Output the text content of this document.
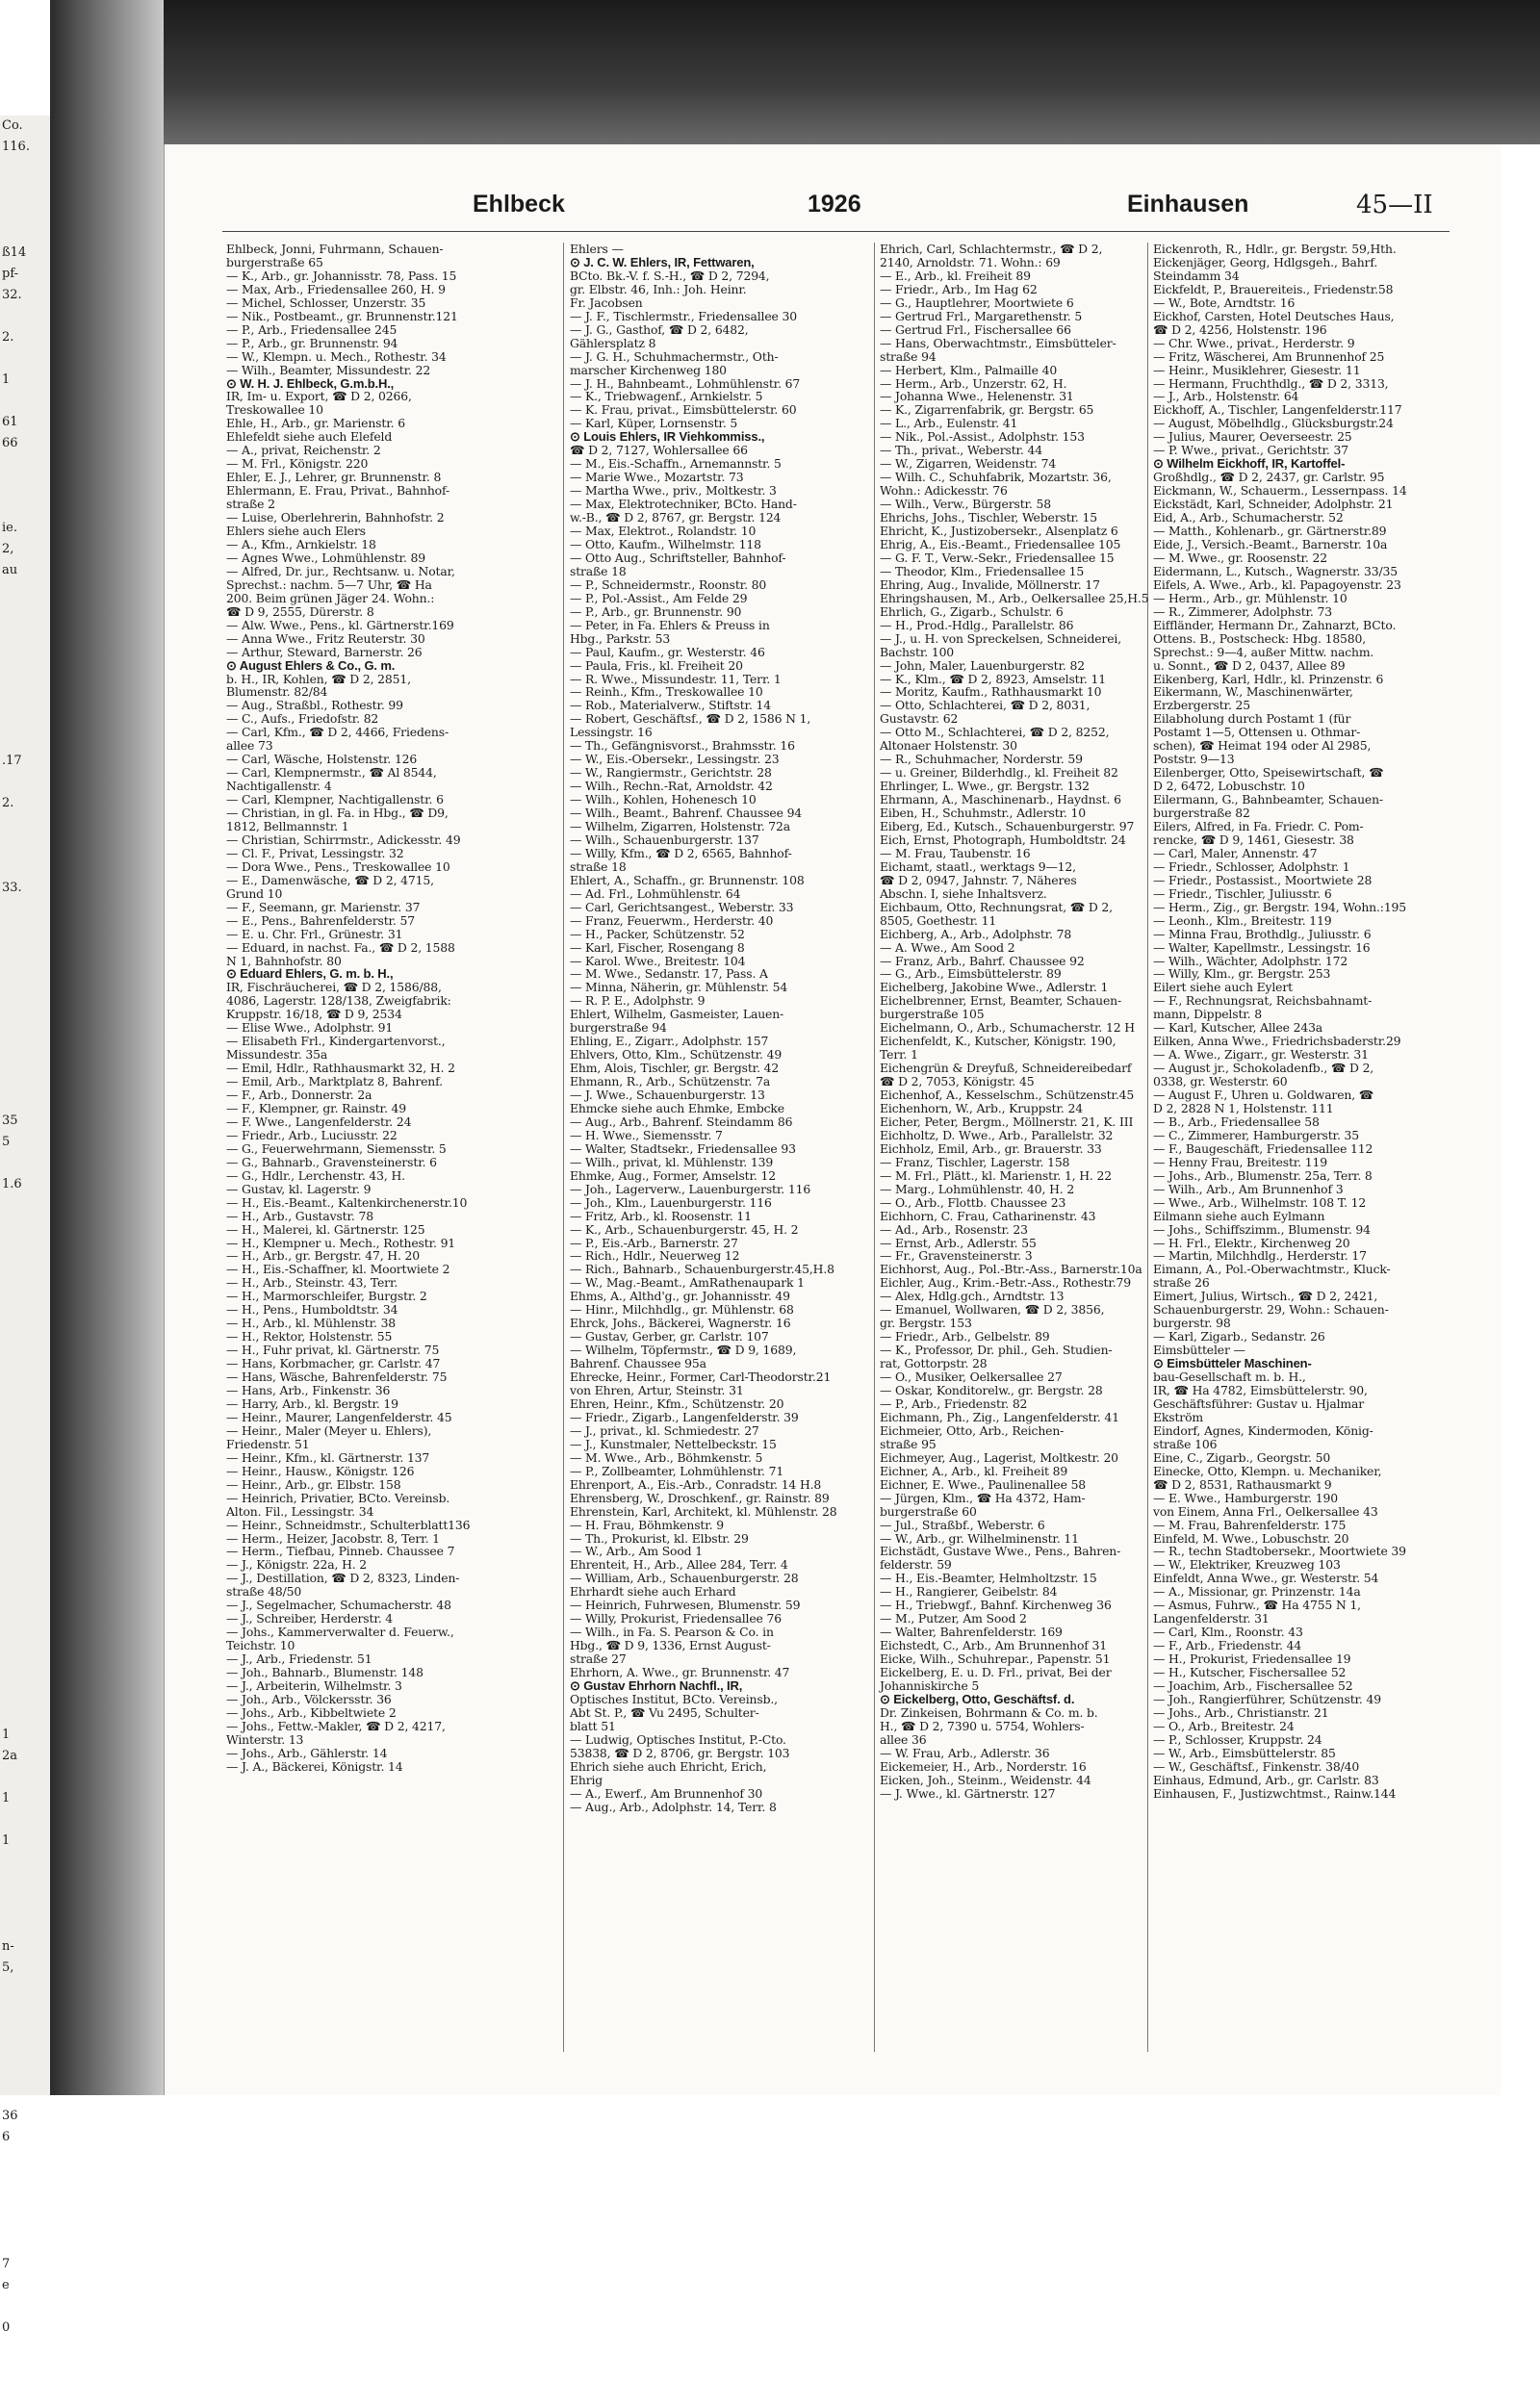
Co.
116.

ß14
pf-
32.

2.

1

61
66

ie.
2,
au

.17

2.

33.

35
5

1.6

1
2a

1

1

n-
5,

36
6

7
e

0

Ehlbeck	1926	Einhausen	45—II
Ehlbeck, Jonni, Fuhrmann, Schauen-
burgerstraße 65
— K., Arb., gr. Johannisstr. 78, Pass. 15
— Max, Arb., Friedensallee 260, H. 9
— Michel, Schlosser, Unzerstr. 35
— Nik., Postbeamt., gr. Brunnenstr.121
— P., Arb., Friedensallee 245
— P., Arb., gr. Brunnenstr. 94
— W., Klempn. u. Mech., Rothestr. 34
— Wilh., Beamter, Missundestr. 22
⊙ W. H. J. Ehlbeck, G.m.b.H.,
IR, Im- u. Export, ☎ D 2, 0266,
Treskowallee 10
Ehle, H., Arb., gr. Marienstr. 6
Ehlefeldt siehe auch Elefeld
— A., privat, Reichenstr. 2
— M. Frl., Königstr. 220
Ehler, E. J., Lehrer, gr. Brunnenstr. 8
Ehlermann, E. Frau, Privat., Bahnhof-
straße 2
— Luise, Oberlehrerin, Bahnhofstr. 2
Ehlers siehe auch Elers
— A., Kfm., Arnkielstr. 18
— Agnes Wwe., Lohmühlenstr. 89
— Alfred, Dr. jur., Rechtsanw. u. Notar,
Sprechst.: nachm. 5—7 Uhr, ☎ Ha
200. Beim grünen Jäger 24. Wohn.:
☎ D 9, 2555, Dürerstr. 8
— Alw. Wwe., Pens., kl. Gärtnerstr.169
— Anna Wwe., Fritz Reuterstr. 30
— Arthur, Steward, Barnerstr. 26
⊙ August Ehlers & Co., G. m.
b. H., IR, Kohlen, ☎ D 2, 2851,
Blumenstr. 82/84
— Aug., Straßbl., Rothestr. 99
— C., Aufs., Friedofstr. 82
— Carl, Kfm., ☎ D 2, 4466, Friedens-
allee 73
— Carl, Wäsche, Holstenstr. 126
— Carl, Klempnermstr., ☎ Al 8544,
Nachtigallenstr. 4
— Carl, Klempner, Nachtigallenstr. 6
— Christian, in gl. Fa. in Hbg., ☎ D9,
1812, Bellmannstr. 1
— Christian, Schirrmstr., Adickesstr. 49
— Cl. F., Privat, Lessingstr. 32
— Dora Wwe., Pens., Treskowallee 10
— E., Damenwäsche, ☎ D 2, 4715,
Grund 10
— F., Seemann, gr. Marienstr. 37
— E., Pens., Bahrenfelderstr. 57
— E. u. Chr. Frl., Grünestr. 31
— Eduard, in nachst. Fa., ☎ D 2, 1588
N 1, Bahnhofstr. 80
⊙ Eduard Ehlers, G. m. b. H.,
IR, Fischräucherei, ☎ D 2, 1586/88,
4086, Lagerstr. 128/138, Zweigfabrik:
Kruppstr. 16/18, ☎ D 9, 2534
— Elise Wwe., Adolphstr. 91
— Elisabeth Frl., Kindergartenvorst.,
Missundestr. 35a
— Emil, Hdlr., Rathhausmarkt 32, H. 2
— Emil, Arb., Marktplatz 8, Bahrenf.
— F., Arb., Donnerstr. 2a
— F., Klempner, gr. Rainstr. 49
— F. Wwe., Langenfelderstr. 24
— Friedr., Arb., Luciusstr. 22
— G., Feuerwehrmann, Siemensstr. 5
— G., Bahnarb., Gravensteinerstr. 6
— G., Hdlr., Lerchenstr. 43, H.
— Gustav, kl. Lagerstr. 9
— H., Eis.-Beamt., Kaltenkirchenerstr.10
— H., Arb., Gustavstr. 78
— H., Malerei, kl. Gärtnerstr. 125
— H., Klempner u. Mech., Rothestr. 91
— H., Arb., gr. Bergstr. 47, H. 20
— H., Eis.-Schaffner, kl. Moortwiete 2
— H., Arb., Steinstr. 43, Terr.
— H., Marmorschleifer, Burgstr. 2
— H., Pens., Humboldtstr. 34
— H., Arb., kl. Mühlenstr. 38
— H., Rektor, Holstenstr. 55
— H., Fuhr privat, kl. Gärtnerstr. 75
— Hans, Korbmacher, gr. Carlstr. 47
— Hans, Wäsche, Bahrenfelderstr. 75
— Hans, Arb., Finkenstr. 36
— Harry, Arb., kl. Bergstr. 19
— Heinr., Maurer, Langenfelderstr. 45
— Heinr., Maler (Meyer u. Ehlers),
Friedenstr. 51
— Heinr., Kfm., kl. Gärtnerstr. 137
— Heinr., Hausw., Königstr. 126
— Heinr., Arb., gr. Elbstr. 158
— Heinrich, Privatier, BCto. Vereinsb.
Alton. Fil., Lessingstr. 34
— Heinr., Schneidmstr., Schulterblatt136
— Herm., Heizer, Jacobstr. 8, Terr. 1
— Herm., Tiefbau, Pinneb. Chaussee 7
— J., Königstr. 22a, H. 2
— J., Destillation, ☎ D 2, 8323, Linden-
straße 48/50
— J., Segelmacher, Schumacherstr. 48
— J., Schreiber, Herderstr. 4
— Johs., Kammerverwalter d. Feuerw.,
Teichstr. 10
— J., Arb., Friedenstr. 51
— Joh., Bahnarb., Blumenstr. 148
— J., Arbeiterin, Wilhelmstr. 3
— Joh., Arb., Völckersstr. 36
— Johs., Arb., Kibbeltwiete 2
— Johs., Fettw.-Makler, ☎ D 2, 4217,
Winterstr. 13
— Johs., Arb., Gählerstr. 14
— J. A., Bäckerei, Königstr. 14
Ehlers —
⊙ J. C. W. Ehlers, IR, Fettwaren,
BCto. Bk.-V. f. S.-H., ☎ D 2, 7294,
gr. Elbstr. 46, Inh.: Joh. Heinr.
Fr. Jacobsen
— J. F., Tischlermstr., Friedensallee 30
— J. G., Gasthof, ☎ D 2, 6482,
Gählersplatz 8
— J. G. H., Schuhmachermstr., Oth-
marscher Kirchenweg 180
— J. H., Bahnbeamt., Lohmühlenstr. 67
— K., Triebwagenf., Arnkielstr. 5
— K. Frau, privat., Eimsbüttelerstr. 60
— Karl, Küper, Lornsenstr. 5
⊙ Louis Ehlers, IR Viehkommiss.,
☎ D 2, 7127, Wohlersallee 66
— M., Eis.-Schaffn., Arnemannstr. 5
— Marie Wwe., Mozartstr. 73
— Martha Wwe., priv., Moltkestr. 3
— Max, Elektrotechniker, BCto. Hand-
w.-B., ☎ D 2, 8767, gr. Bergstr. 124
— Max, Elektrot., Rolandstr. 10
— Otto, Kaufm., Wilhelmstr. 118
— Otto Aug., Schriftsteller, Bahnhof-
straße 18
— P., Schneidermstr., Roonstr. 80
— P., Pol.-Assist., Am Felde 29
— P., Arb., gr. Brunnenstr. 90
— Peter, in Fa. Ehlers & Preuss in
Hbg., Parkstr. 53
— Paul, Kaufm., gr. Westerstr. 46
— Paula, Fris., kl. Freiheit 20
— R. Wwe., Missundestr. 11, Terr. 1
— Reinh., Kfm., Treskowallee 10
— Rob., Materialverw., Stiftstr. 14
— Robert, Geschäftsf., ☎ D 2, 1586 N 1,
Lessingstr. 16
— Th., Gefängnisvorst., Brahmsstr. 16
— W., Eis.-Obersekr., Lessingstr. 23
— W., Rangiermstr., Gerichtstr. 28
— Wilh., Rechn.-Rat, Arnoldstr. 42
— Wilh., Kohlen, Hohenesch 10
— Wilh., Beamt., Bahrenf. Chaussee 94
— Wilhelm, Zigarren, Holstenstr. 72a
— Wilh., Schauenburgerstr. 137
— Willy, Kfm., ☎ D 2, 6565, Bahnhof-
straße 18
Ehlert, A., Schaffn., gr. Brunnenstr. 108
— Ad. Frl., Lohmühlenstr. 64
— Carl, Gerichtsangest., Weberstr. 33
— Franz, Feuerwm., Herderstr. 40
— H., Packer, Schützenstr. 52
— Karl, Fischer, Rosengang 8
— Karol. Wwe., Breitestr. 104
— M. Wwe., Sedanstr. 17, Pass. A
— Minna, Näherin, gr. Mühlenstr. 54
— R. P. E., Adolphstr. 9
Ehlert, Wilhelm, Gasmeister, Lauen-
burgerstraße 94
Ehling, E., Zigarr., Adolphstr. 157
Ehlvers, Otto, Klm., Schützenstr. 49
Ehm, Alois, Tischler, gr. Bergstr. 42
Ehmann, R., Arb., Schützenstr. 7a
— J. Wwe., Schauenburgerstr. 13
Ehmcke siehe auch Ehmke, Embcke
— Aug., Arb., Bahrenf. Steindamm 86
— H. Wwe., Siemensstr. 7
— Walter, Stadtsekr., Friedensallee 93
— Wilh., privat, kl. Mühlenstr. 139
Ehmke, Aug., Former, Amselstr. 12
— Joh., Lagerverw., Lauenburgerstr. 116
— Joh., Klm., Lauenburgerstr. 116
— Fritz, Arb., kl. Roosenstr. 11
— K., Arb., Schauenburgerstr. 45, H. 2
— P., Eis.-Arb., Barnerstr. 27
— Rich., Hdlr., Neuerweg 12
— Rich., Bahnarb., Schauenburgerstr.45,H.8
— W., Mag.-Beamt., AmRathenaupark 1
Ehms, A., Althd'g., gr. Johannisstr. 49
— Hinr., Milchhdlg., gr. Mühlenstr. 68
Ehrck, Johs., Bäckerei, Wagnerstr. 16
— Gustav, Gerber, gr. Carlstr. 107
— Wilhelm, Töpfermstr., ☎ D 9, 1689,
Bahrenf. Chaussee 95a
Ehrecke, Heinr., Former, Carl-Theodorstr.21
von Ehren, Artur, Steinstr. 31
Ehren, Heinr., Kfm., Schützenstr. 20
— Friedr., Zigarb., Langenfelderstr. 39
— J., privat., kl. Schmiedestr. 27
— J., Kunstmaler, Nettelbeckstr. 15
— M. Wwe., Arb., Böhmkenstr. 5
— P., Zollbeamter, Lohmühlenstr. 71
Ehrenport, A., Eis.-Arb., Conradstr. 14 H.8
Ehrensberg, W., Droschkenf., gr. Rainstr. 89
Ehrenstein, Karl, Architekt, kl. Mühlenstr. 28
— H. Frau, Böhmkenstr. 9
— Th., Prokurist, kl. Elbstr. 29
— W., Arb., Am Sood 1
Ehrenteit, H., Arb., Allee 284, Terr. 4
— William, Arb., Schauenburgerstr. 28
Ehrhardt siehe auch Erhard
— Heinrich, Fuhrwesen, Blumenstr. 59
— Willy, Prokurist, Friedensallee 76
— Wilh., in Fa. S. Pearson & Co. in
Hbg., ☎ D 9, 1336, Ernst August-
straße 27
Ehrhorn, A. Wwe., gr. Brunnenstr. 47
⊙ Gustav Ehrhorn Nachfl., IR,
Optisches Institut, BCto. Vereinsb.,
Abt St. P., ☎ Vu 2495, Schulter-
blatt 51
— Ludwig, Optisches Institut, P.-Cto.
53838, ☎ D 2, 8706, gr. Bergstr. 103
Ehrich siehe auch Ehricht, Erich,
Ehrig
— A., Ewerf., Am Brunnenhof 30
— Aug., Arb., Adolphstr. 14, Terr. 8
Ehrich, Carl, Schlachtermstr., ☎ D 2,
2140, Arnoldstr. 71. Wohn.: 69
— E., Arb., kl. Freiheit 89
— Friedr., Arb., Im Hag 62
— G., Hauptlehrer, Moortwiete 6
— Gertrud Frl., Margarethenstr. 5
— Gertrud Frl., Fischersallee 66
— Hans, Oberwachtmstr., Eimsbütteler-
straße 94
— Herbert, Klm., Palmaille 40
— Herm., Arb., Unzerstr. 62, H.
— Johanna Wwe., Helenenstr. 31
— K., Zigarrenfabrik, gr. Bergstr. 65
— L., Arb., Eulenstr. 41
— Nik., Pol.-Assist., Adolphstr. 153
— Th., privat., Weberstr. 44
— W., Zigarren, Weidenstr. 74
— Wilh. C., Schuhfabrik, Mozartstr. 36,
Wohn.: Adickesstr. 76
— Wilh., Verw., Bürgerstr. 58
Ehrichs, Johs., Tischler, Weberstr. 15
Ehricht, K., Justizobersekr., Alsenplatz 6
Ehrig, A., Eis.-Beamt., Friedensallee 105
— G. F. T., Verw.-Sekr., Friedensallee 15
— Theodor, Klm., Friedensallee 15
Ehring, Aug., Invalide, Möllnerstr. 17
Ehringshausen, M., Arb., Oelkersallee 25,H.5
Ehrlich, G., Zigarb., Schulstr. 6
— H., Prod.-Hdlg., Parallelstr. 86
— J., u. H. von Spreckelsen, Schneiderei,
Bachstr. 100
— John, Maler, Lauenburgerstr. 82
— K., Klm., ☎ D 2, 8923, Amselstr. 11
— Moritz, Kaufm., Rathhausmarkt 10
— Otto, Schlachterei, ☎ D 2, 8031,
Gustavstr. 62
— Otto M., Schlachterei, ☎ D 2, 8252,
Altonaer Holstenstr. 30
— R., Schuhmacher, Norderstr. 59
— u. Greiner, Bilderhdlg., kl. Freiheit 82
Ehrlinger, L. Wwe., gr. Bergstr. 132
Ehrmann, A., Maschinenarb., Haydnst. 6
Eiben, H., Schuhmstr., Adlerstr. 10
Eiberg, Ed., Kutsch., Schauenburgerstr. 97
Eich, Ernst, Photograph, Humboldtstr. 24
— M. Frau, Taubenstr. 16
Eichamt, staatl., werktags 9—12,
☎ D 2, 0947, Jahnstr. 7, Näheres
Abschn. I, siehe Inhaltsverz.
Eichbaum, Otto, Rechnungsrat, ☎ D 2,
8505, Goethestr. 11
Eichberg, A., Arb., Adolphstr. 78
— A. Wwe., Am Sood 2
— Franz, Arb., Bahrf. Chaussee 92
— G., Arb., Eimsbüttelerstr. 89
Eichelberg, Jakobine Wwe., Adlerstr. 1
Eichelbrenner, Ernst, Beamter, Schauen-
burgerstraße 105
Eichelmann, O., Arb., Schumacherstr. 12 H
Eichenfeldt, K., Kutscher, Königstr. 190,
Terr. 1
Eichengrün & Dreyfuß, Schneidereibedarf
☎ D 2, 7053, Königstr. 45
Eichenhof, A., Kesselschm., Schützenstr.45
Eichenhorn, W., Arb., Kruppstr. 24
Eicher, Peter, Bergm., Möllnerstr. 21, K. III
Eichholtz, D. Wwe., Arb., Parallelstr. 32
Eichholz, Emil, Arb., gr. Brauerstr. 33
— Franz, Tischler, Lagerstr. 158
— M. Frl., Plätt., kl. Marienstr. 1, H. 22
— Marg., Lohmühlenstr. 40, H. 2
— O., Arb., Flottb. Chaussee 23
Eichhorn, C. Frau, Catharinenstr. 43
— Ad., Arb., Rosenstr. 23
— Ernst, Arb., Adlerstr. 55
— Fr., Gravensteinerstr. 3
Eichhorst, Aug., Pol.-Btr.-Ass., Barnerstr.10a
Eichler, Aug., Krim.-Betr.-Ass., Rothestr.79
— Alex, Hdlg.gch., Arndtstr. 13
— Emanuel, Wollwaren, ☎ D 2, 3856,
gr. Bergstr. 153
— Friedr., Arb., Gelbelstr. 89
— K., Professor, Dr. phil., Geh. Studien-
rat, Gottorpstr. 28
— O., Musiker, Oelkersallee 27
— Oskar, Konditorelw., gr. Bergstr. 28
— P., Arb., Friedenstr. 82
Eichmann, Ph., Zig., Langenfelderstr. 41
Eichmeier, Otto, Arb., Reichen-
straße 95
Eichmeyer, Aug., Lagerist, Moltkestr. 20
Eichner, A., Arb., kl. Freiheit 89
Eichner, E. Wwe., Paulinenallee 58
— Jürgen, Klm., ☎ Ha 4372, Ham-
burgerstraße 60
— Jul., Straßbf., Weberstr. 6
— W., Arb., gr. Wilhelminenstr. 11
Eichstädt, Gustave Wwe., Pens., Bahren-
felderstr. 59
— H., Eis.-Beamter, Helmholtzstr. 15
— H., Rangierer, Geibelstr. 84
— H., Triebwgf., Bahnf. Kirchenweg 36
— M., Putzer, Am Sood 2
— Walter, Bahrenfelderstr. 169
Eichstedt, C., Arb., Am Brunnenhof 31
Eicke, Wilh., Schuhrepar., Papenstr. 51
Eickelberg, E. u. D. Frl., privat, Bei der
Johanniskirche 5
⊙ Eickelberg, Otto, Geschäftsf. d.
Dr. Zinkeisen, Bohrmann & Co. m. b.
H., ☎ D 2, 7390 u. 5754, Wohlers-
allee 36
— W. Frau, Arb., Adlerstr. 36
Eickemeier, H., Arb., Norderstr. 16
Eicken, Joh., Steinm., Weidenstr. 44
— J. Wwe., kl. Gärtnerstr. 127
Eickenroth, R., Hdlr., gr. Bergstr. 59,Hth.
Eickenjäger, Georg, Hdlgsgeh., Bahrf.
Steindamm 34
Eickfeldt, P., Brauereiteis., Friedenstr.58
— W., Bote, Arndtstr. 16
Eickhof, Carsten, Hotel Deutsches Haus,
☎ D 2, 4256, Holstenstr. 196
— Chr. Wwe., privat., Herderstr. 9
— Fritz, Wäscherei, Am Brunnenhof 25
— Heinr., Musiklehrer, Giesestr. 11
— Hermann, Fruchthdlg., ☎ D 2, 3313,
— J., Arb., Holstenstr. 64
Eickhoff, A., Tischler, Langenfelderstr.117
— August, Möbelhdlg., Glücksburgstr.24
— Julius, Maurer, Oeverseestr. 25
— P. Wwe., privat., Gerichtstr. 37
⊙ Wilhelm Eickhoff, IR, Kartoffel-
Großhdlg., ☎ D 2, 2437, gr. Carlstr. 95
Eickmann, W., Schauerm., Lessernpass. 14
Eickstädt, Karl, Schneider, Adolphstr. 21
Eid, A., Arb., Schumacherstr. 52
— Matth., Kohlenarb., gr. Gärtnerstr.89
Eide, J., Versich.-Beamt., Barnerstr. 10a
— M. Wwe., gr. Roosenstr. 22
Eidermann, L., Kutsch., Wagnerstr. 33/35
Eifels, A. Wwe., Arb., kl. Papagoyenstr. 23
— Herm., Arb., gr. Mühlenstr. 10
— R., Zimmerer, Adolphstr. 73
Eiffländer, Hermann Dr., Zahnarzt, BCto.
Ottens. B., Postscheck: Hbg. 18580,
Sprechst.: 9—4, außer Mittw. nachm.
u. Sonnt., ☎ D 2, 0437, Allee 89
Eikenberg, Karl, Hdlr., kl. Prinzenstr. 6
Eikermann, W., Maschinenwärter,
Erzbergerstr. 25
Eilabholung durch Postamt 1 (für
Postamt 1—5, Ottensen u. Othmar-
schen), ☎ Heimat 194 oder Al 2985,
Poststr. 9—13
Eilenberger, Otto, Speisewirtschaft, ☎
D 2, 6472, Lobuschstr. 10
Eilermann, G., Bahnbeamter, Schauen-
burgerstraße 82
Eilers, Alfred, in Fa. Friedr. C. Pom-
rencke, ☎ D 9, 1461, Giesestr. 38
— Carl, Maler, Annenstr. 47
— Friedr., Schlosser, Adolphstr. 1
— Friedr., Postassist., Moortwiete 28
— Friedr., Tischler, Juliusstr. 6
— Herm., Zig., gr. Bergstr. 194, Wohn.:195
— Leonh., Klm., Breitestr. 119
— Minna Frau, Brothdlg., Juliusstr. 6
— Walter, Kapellmstr., Lessingstr. 16
— Wilh., Wächter, Adolphstr. 172
— Willy, Klm., gr. Bergstr. 253
Eilert siehe auch Eylert
— F., Rechnungsrat, Reichsbahnamt-
mann, Dippelstr. 8
— Karl, Kutscher, Allee 243a
Eilken, Anna Wwe., Friedrichsbaderstr.29
— A. Wwe., Zigarr., gr. Westerstr. 31
— August jr., Schokoladenfb., ☎ D 2,
0338, gr. Westerstr. 60
— August F., Uhren u. Goldwaren, ☎
D 2, 2828 N 1, Holstenstr. 111
— B., Arb., Friedensallee 58
— C., Zimmerer, Hamburgerstr. 35
— F., Baugeschäft, Friedensallee 112
— Henny Frau, Breitestr. 119
— Johs., Arb., Blumenstr. 25a, Terr. 8
— Wilh., Arb., Am Brunnenhof 3
— Wwe., Arb., Wilhelmstr. 108 T. 12
Eilmann siehe auch Eylmann
— Johs., Schiffszimm., Blumenstr. 94
— H. Frl., Elektr., Kirchenweg 20
— Martin, Milchhdlg., Herderstr. 17
Eimann, A., Pol.-Oberwachtmstr., Kluck-
straße 26
Eimert, Julius, Wirtsch., ☎ D 2, 2421,
Schauenburgerstr. 29, Wohn.: Schauen-
burgerstr. 98
— Karl, Zigarb., Sedanstr. 26
Eimsbütteler —
⊙ Eimsbütteler Maschinen-
bau-Gesellschaft m. b. H.,
IR, ☎ Ha 4782, Eimsbüttelerstr. 90,
Geschäftsführer: Gustav u. Hjalmar
Ekström
Eindorf, Agnes, Kindermoden, König-
straße 106
Eine, C., Zigarb., Georgstr. 50
Einecke, Otto, Klempn. u. Mechaniker,
☎ D 2, 8531, Rathausmarkt 9
— E. Wwe., Hamburgerstr. 190
von Einem, Anna Frl., Oelkersallee 43
— M. Frau, Bahrenfelderstr. 175
Einfeld, M. Wwe., Lobuschstr. 20
— R., techn Stadtobersekr., Moortwiete 39
— W., Elektriker, Kreuzweg 103
Einfeldt, Anna Wwe., gr. Westerstr. 54
— A., Missionar, gr. Prinzenstr. 14a
— Asmus, Fuhrw., ☎ Ha 4755 N 1,
Langenfelderstr. 31
— Carl, Klm., Roonstr. 43
— F., Arb., Friedenstr. 44
— H., Prokurist, Friedensallee 19
— H., Kutscher, Fischersallee 52
— Joachim, Arb., Fischersallee 52
— Joh., Rangierführer, Schützenstr. 49
— Johs., Arb., Christianstr. 21
— O., Arb., Breitestr. 24
— P., Schlosser, Kruppstr. 24
— W., Arb., Eimsbüttelerstr. 85
— W., Geschäftsf., Finkenstr. 38/40
Einhaus, Edmund, Arb., gr. Carlstr. 83
Einhausen, F., Justizwchtmst., Rainw.144
